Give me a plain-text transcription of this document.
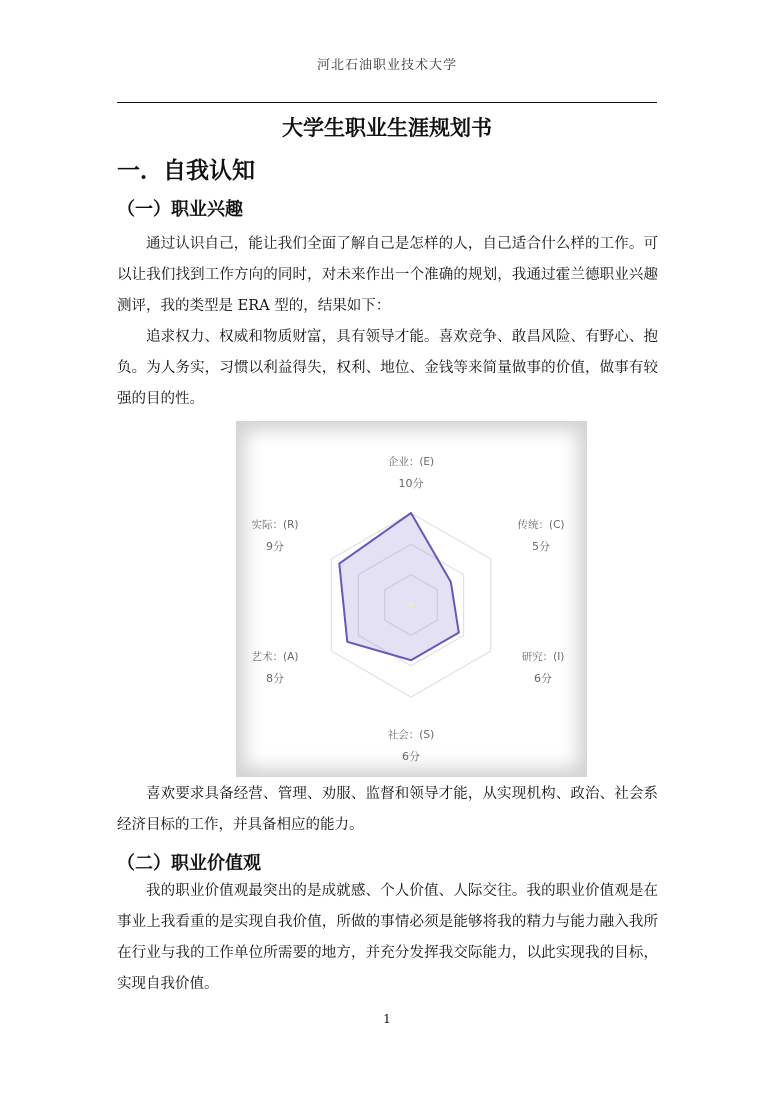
河北石油职业技术大学
大学生职业生涯规划书
一．自我认知
（一）职业兴趣

通过认识自己，能让我们全面了解自己是怎样的人，自己适合什么样的工作。可以让我们找到工作方向的同时，对未来作出一个准确的规划，我通过霍兰德职业兴趣测评，我的类型是 ERA 型的，结果如下：

追求权力、权威和物质财富，具有领导才能。喜欢竞争、敢昌风险、有野心、抱负。为人务实，习惯以利益得失，权利、地位、金钱等来简量做事的价值，做事有较强的目的性。

企业：(E)
10分
传统：(C)
5分
研究：(I)
6分
社会：(S)
6分
艺术：(A)
8分
实际：(R)
9分

喜欢要求具备经营、管理、劝服、监督和领导才能，从实现机构、政治、社会系经济目标的工作，并具备相应的能力。

（二）职业价值观

我的职业价值观最突出的是成就感、个人价值、人际交往。我的职业价值观是在事业上我看重的是实现自我价值，所做的事情必须是能够将我的精力与能力融入我所在行业与我的工作单位所需要的地方，并充分发挥我交际能力，以此实现我的目标，实现自我价值。

1
